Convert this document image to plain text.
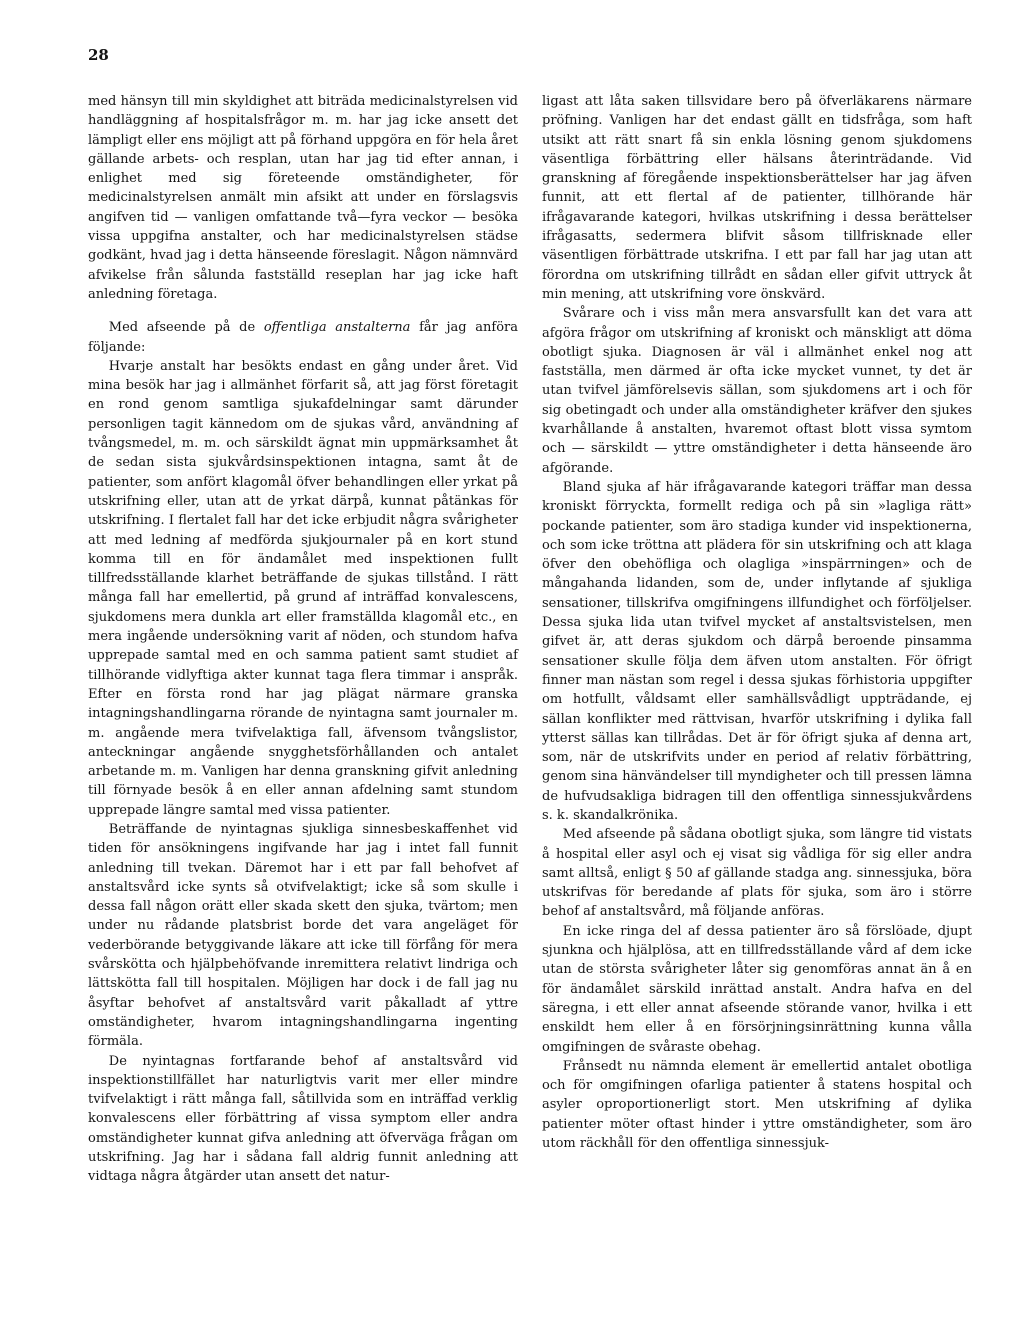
28

med hänsyn till min skyldighet att biträda medicinalstyrelsen vid handläggning af hospitalsfrågor m. m. har jag icke ansett det lämpligt eller ens möjligt att på förhand uppgöra en för hela året gällande arbets- och resplan, utan har jag tid efter annan, i enlighet med sig företeende omständigheter, för medicinalstyrelsen anmält min afsikt att under en förslagsvis angifven tid — vanligen omfattande två—fyra veckor — besöka vissa uppgifna anstalter, och har medicinalstyrelsen städse godkänt, hvad jag i detta hänseende föreslagit. Någon nämnvärd afvikelse från sålunda fastställd reseplan har jag icke haft anledning företaga.

Med afseende på de offentliga anstalterna får jag anföra följande:

Hvarje anstalt har besökts endast en gång under året. Vid mina besök har jag i allmänhet förfarit så, att jag först företagit en rond genom samtliga sjukafdelningar samt därunder personligen tagit kännedom om de sjukas vård, användning af tvångsmedel, m. m. och särskildt ägnat min uppmärksamhet åt de sedan sista sjukvårdsinspektionen intagna, samt åt de patienter, som anfört klagomål öfver behandlingen eller yrkat på utskrifning eller, utan att de yrkat därpå, kunnat påtänkas för utskrifning. I flertalet fall har det icke erbjudit några svårigheter att med ledning af medförda sjukjournaler på en kort stund komma till en för ändamålet med inspektionen fullt tillfredsställande klarhet beträffande de sjukas tillstånd. I rätt många fall har emellertid, på grund af inträffad konvalescens, sjukdomens mera dunkla art eller framställda klagomål etc., en mera ingående undersökning varit af nöden, och stundom hafva upprepade samtal med en och samma patient samt studiet af tillhörande vidlyftiga akter kunnat taga flera timmar i anspråk. Efter en första rond har jag plägat närmare granska intagningshandlingarna rörande de nyintagna samt journaler m. m. angående mera tvifvelaktiga fall, äfvensom tvångslistor, anteckningar angående snygghetsförhållanden och antalet arbetande m. m. Vanligen har denna granskning gifvit anledning till förnyade besök å en eller annan afdelning samt stundom upprepade längre samtal med vissa patienter.

Beträffande de nyintagnas sjukliga sinnesbeskaffenhet vid tiden för ansökningens ingifvande har jag i intet fall funnit anledning till tvekan. Däremot har i ett par fall behofvet af anstaltsvård icke synts så otvifvelaktigt; icke så som skulle i dessa fall någon orätt eller skada skett den sjuka, tvärtom; men under nu rådande platsbrist borde det vara angeläget för vederbörande betyggivande läkare att icke till förfång för mera svårskötta och hjälpbehöfvande inremittera relativt lindriga och lättskötta fall till hospitalen. Möjligen har dock i de fall jag nu åsyftar behofvet af anstaltsvård varit påkalladt af yttre omständigheter, hvarom intagningshandlingarna ingenting förmäla.

De nyintagnas fortfarande behof af anstaltsvård vid inspektionstillfället har naturligtvis varit mer eller mindre tvifvelaktigt i rätt många fall, såtillvida som en inträffad verklig konvalescens eller förbättring af vissa symptom eller andra omständigheter kunnat gifva anledning att öfverväga frågan om utskrifning. Jag har i sådana fall aldrig funnit anledning att vidtaga några åtgärder utan ansett det natur-

ligast att låta saken tillsvidare bero på öfverläkarens närmare pröfning. Vanligen har det endast gällt en tidsfråga, som haft utsikt att rätt snart få sin enkla lösning genom sjukdomens väsentliga förbättring eller hälsans återinträdande. Vid granskning af föregående inspektionsberättelser har jag äfven funnit, att ett flertal af de patienter, tillhörande här ifrågavarande kategori, hvilkas utskrifning i dessa berättelser ifrågasatts, sedermera blifvit såsom tillfrisknade eller väsentligen förbättrade utskrifna. I ett par fall har jag utan att förordna om utskrifning tillrådt en sådan eller gifvit uttryck åt min mening, att utskrifning vore önskvärd.

Svårare och i viss mån mera ansvarsfullt kan det vara att afgöra frågor om utskrifning af kroniskt och mänskligt att döma obotligt sjuka. Diagnosen är väl i allmänhet enkel nog att fastställa, men därmed är ofta icke mycket vunnet, ty det är utan tvifvel jämförelsevis sällan, som sjukdomens art i och för sig obetingadt och under alla omständigheter kräfver den sjukes kvarhållande å anstalten, hvaremot oftast blott vissa symtom och — särskildt — yttre omständigheter i detta hänseende äro afgörande.

Bland sjuka af här ifrågavarande kategori träffar man dessa kroniskt förryckta, formellt rediga och på sin »lagliga rätt» pockande patienter, som äro stadiga kunder vid inspektionerna, och som icke tröttna att plädera för sin utskrifning och att klaga öfver den obehöfliga och olagliga »inspärrningen» och de mångahanda lidanden, som de, under inflytande af sjukliga sensationer, tillskrifva omgifningens illfundighet och förföljelser. Dessa sjuka lida utan tvifvel mycket af anstaltsvistelsen, men gifvet är, att deras sjukdom och därpå beroende pinsamma sensationer skulle följa dem äfven utom anstalten. För öfrigt finner man nästan som regel i dessa sjukas förhistoria uppgifter om hotfullt, våldsamt eller samhällsvådligt uppträdande, ej sällan konflikter med rättvisan, hvarför utskrifning i dylika fall ytterst sällas kan tillrådas. Det är för öfrigt sjuka af denna art, som, när de utskrifvits under en period af relativ förbättring, genom sina hänvändelser till myndigheter och till pressen lämna de hufvudsakliga bidragen till den offentliga sinnessjukvårdens s. k. skandalkrönika.

Med afseende på sådana obotligt sjuka, som längre tid vistats å hospital eller asyl och ej visat sig vådliga för sig eller andra samt alltså, enligt § 50 af gällande stadga ang. sinnessjuka, böra utskrifvas för beredande af plats för sjuka, som äro i större behof af anstaltsvård, må följande anföras.

En icke ringa del af dessa patienter äro så förslöade, djupt sjunkna och hjälplösa, att en tillfredsställande vård af dem icke utan de största svårigheter låter sig genomföras annat än å en för ändamålet särskild inrättad anstalt. Andra hafva en del säregna, i ett eller annat afseende störande vanor, hvilka i ett enskildt hem eller å en försörjningsinrättning kunna vålla omgifningen de svåraste obehag.

Frånsedt nu nämnda element är emellertid antalet obotliga och för omgifningen ofarliga patienter å statens hospital och asyler oproportionerligt stort. Men utskrifning af dylika patienter möter oftast hinder i yttre omständigheter, som äro utom räckhåll för den offentliga sinnessjuk-
